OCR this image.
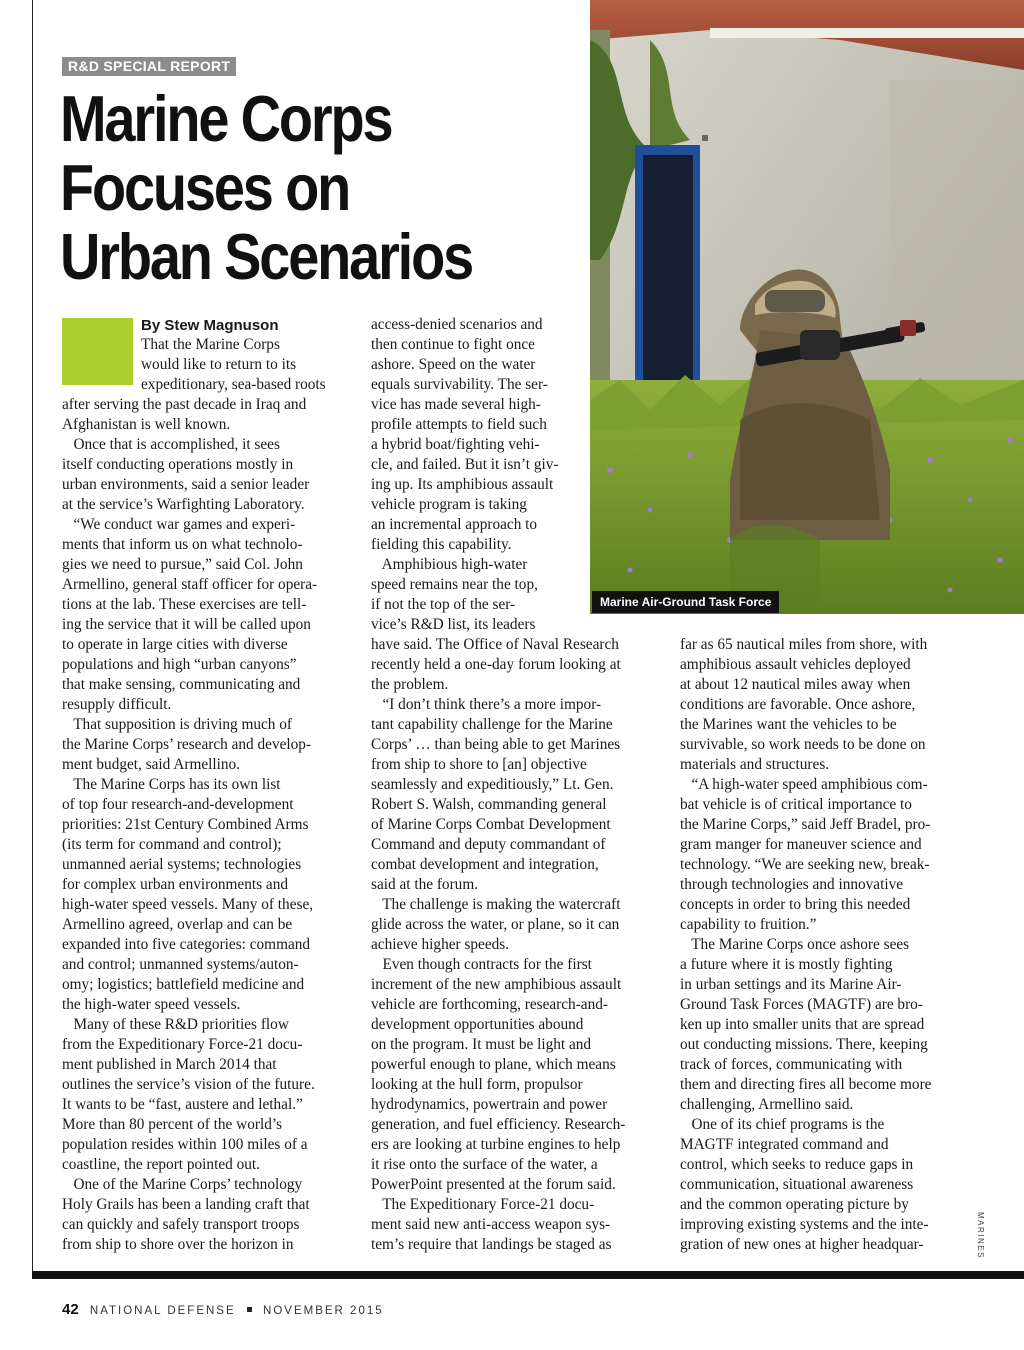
R&D SPECIAL REPORT
Marine Corps
Focuses on
Urban Scenarios
Marine Air-Ground Task Force
By Stew Magnuson

That the Marine Corps

would like to return to its

expeditionary, sea-based roots

after serving the past decade in Iraq and

Afghanistan is well known.

Once that is accomplished, it sees

itself conducting operations mostly in

urban environments, said a senior leader

at the service’s Warfighting Laboratory.

“We conduct war games and experi-

ments that inform us on what technolo-

gies we need to pursue,” said Col. John

Armellino, general staff officer for opera-

tions at the lab. These exercises are tell-

ing the service that it will be called upon

to operate in large cities with diverse

populations and high “urban canyons”

that make sensing, communicating and

resupply difficult.

That supposition is driving much of

the Marine Corps’ research and develop-

ment budget, said Armellino.

The Marine Corps has its own list

of top four research-and-development

priorities: 21st Century Combined Arms

(its term for command and control);

unmanned aerial systems; technologies

for complex urban environments and

high-water speed vessels. Many of these,

Armellino agreed, overlap and can be

expanded into five categories: command

and control; unmanned systems/auton-

omy; logistics; battlefield medicine and

the high-water speed vessels.

Many of these R&D priorities flow

from the Expeditionary Force-21 docu-

ment published in March 2014 that

outlines the service’s vision of the future.

It wants to be “fast, austere and lethal.”

More than 80 percent of the world’s

population resides within 100 miles of a

coastline, the report pointed out.

One of the Marine Corps’ technology

Holy Grails has been a landing craft that

can quickly and safely transport troops

from ship to shore over the horizon in

access-denied scenarios and

then continue to fight once

ashore. Speed on the water

equals survivability. The ser-

vice has made several high-

profile attempts to field such

a hybrid boat/fighting vehi-

cle, and failed. But it isn’t giv-

ing up. Its amphibious assault

vehicle program is taking

an incremental approach to

fielding this capability.

Amphibious high-water

speed remains near the top,

if not the top of the ser-

vice’s R&D list, its leaders

have said. The Office of Naval Research

recently held a one-day forum looking at

the problem.

“I don’t think there’s a more impor-

tant capability challenge for the Marine

Corps’ … than being able to get Marines

from ship to shore to [an] objective

seamlessly and expeditiously,” Lt. Gen.

Robert S. Walsh, commanding general

of Marine Corps Combat Development

Command and deputy commandant of

combat development and integration,

said at the forum.

The challenge is making the watercraft

glide across the water, or plane, so it can

achieve higher speeds.

Even though contracts for the first

increment of the new amphibious assault

vehicle are forthcoming, research-and-

development opportunities abound

on the program. It must be light and

powerful enough to plane, which means

looking at the hull form, propulsor

hydrodynamics, powertrain and power

generation, and fuel efficiency. Research-

ers are looking at turbine engines to help

it rise onto the surface of the water, a

PowerPoint presented at the forum said.

The Expeditionary Force-21 docu-

ment said new anti-access weapon sys-

tem’s require that landings be staged as

far as 65 nautical miles from shore, with

amphibious assault vehicles deployed

at about 12 nautical miles away when

conditions are favorable. Once ashore,

the Marines want the vehicles to be

survivable, so work needs to be done on

materials and structures.

“A high-water speed amphibious com-

bat vehicle is of critical importance to

the Marine Corps,” said Jeff Bradel, pro-

gram manger for maneuver science and

technology. “We are seeking new, break-

through technologies and innovative

concepts in order to bring this needed

capability to fruition.”

The Marine Corps once ashore sees

a future where it is mostly fighting

in urban settings and its Marine Air-

Ground Task Forces (MAGTF) are bro-

ken up into smaller units that are spread

out conducting missions. There, keeping

track of forces, communicating with

them and directing fires all become more

challenging, Armellino said.

One of its chief programs is the

MAGTF integrated command and

control, which seeks to reduce gaps in

communication, situational awareness

and the common operating picture by

improving existing systems and the inte-

gration of new ones at higher headquar-	MARINES
42 NATIONAL DEFENSE NOVEMBER 2015
